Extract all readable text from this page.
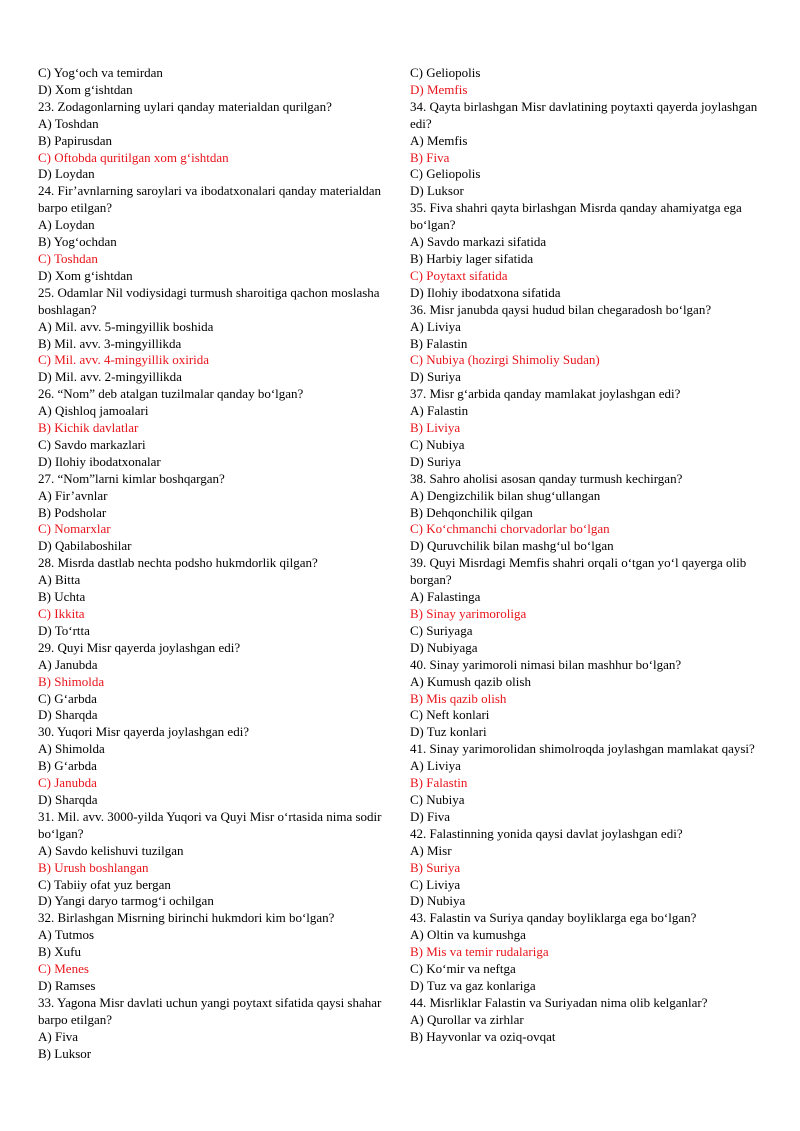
C) Yog‘och va temirdan
D) Xom g‘ishtdan
23. Zodagonlarning uylari qanday materialdan qurilgan?
A) Toshdan
B) Papirusdan
C) Oftobda quritilgan xom g‘ishtdan
D) Loydan
24. Fir’avnlarning saroylari va ibodatxonalari qanday materialdan barpo etilgan?
A) Loydan
B) Yog‘ochdan
C) Toshdan
D) Xom g‘ishtdan
25. Odamlar Nil vodiysidagi turmush sharoitiga qachon moslasha boshlagan?
A) Mil. avv. 5-mingyillik boshida
B) Mil. avv. 3-mingyillikda
C) Mil. avv. 4-mingyillik oxirida
D) Mil. avv. 2-mingyillikda
26. “Nom” deb atalgan tuzilmalar qanday bo‘lgan?
A) Qishloq jamoalari
B) Kichik davlatlar
C) Savdo markazlari
D) Ilohiy ibodatxonalar
27. “Nom”larni kimlar boshqargan?
A) Fir’avnlar
B) Podsholar
C) Nomarxlar
D) Qabilaboshilar
28. Misrda dastlab nechta podsho hukmdorlik qilgan?
A) Bitta
B) Uchta
C) Ikkita
D) To‘rtta
29. Quyi Misr qayerda joylashgan edi?
A) Janubda
B) Shimolda
C) G‘arbda
D) Sharqda
30. Yuqori Misr qayerda joylashgan edi?
A) Shimolda
B) G‘arbda
C) Janubda
D) Sharqda
31. Mil. avv. 3000-yilda Yuqori va Quyi Misr o‘rtasida nima sodir bo‘lgan?
A) Savdo kelishuvi tuzilgan
B) Urush boshlangan
C) Tabiiy ofat yuz bergan
D) Yangi daryo tarmog‘i ochilgan
32. Birlashgan Misrning birinchi hukmdori kim bo‘lgan?
A) Tutmos
B) Xufu
C) Menes
D) Ramses
33. Yagona Misr davlati uchun yangi poytaxt sifatida qaysi shahar barpo etilgan?
A) Fiva
B) Luksor
C) Geliopolis
D) Memfis
34. Qayta birlashgan Misr davlatining poytaxti qayerda joylashgan edi?
A) Memfis
B) Fiva
C) Geliopolis
D) Luksor
35. Fiva shahri qayta birlashgan Misrda qanday ahamiyatga ega bo‘lgan?
A) Savdo markazi sifatida
B) Harbiy lager sifatida
C) Poytaxt sifatida
D) Ilohiy ibodatxona sifatida
36. Misr janubda qaysi hudud bilan chegaradosh bo‘lgan?
A) Liviya
B) Falastin
C) Nubiya (hozirgi Shimoliy Sudan)
D) Suriya
37. Misr g‘arbida qanday mamlakat joylashgan edi?
A) Falastin
B) Liviya
C) Nubiya
D) Suriya
38. Sahro aholisi asosan qanday turmush kechirgan?
A) Dengizchilik bilan shug‘ullangan
B) Dehqonchilik qilgan
C) Ko‘chmanchi chorvadorlar bo‘lgan
D) Quruvchilik bilan mashg‘ul bo‘lgan
39. Quyi Misrdagi Memfis shahri orqali o‘tgan yo‘l qayerga olib borgan?
A) Falastinga
B) Sinay yarimoroliga
C) Suriyaga
D) Nubiyaga
40. Sinay yarimoroli nimasi bilan mashhur bo‘lgan?
A) Kumush qazib olish
B) Mis qazib olish
C) Neft konlari
D) Tuz konlari
41. Sinay yarimorolidan shimolroqda joylashgan mamlakat qaysi?
A) Liviya
B) Falastin
C) Nubiya
D) Fiva
42. Falastinning yonida qaysi davlat joylashgan edi?
A) Misr
B) Suriya
C) Liviya
D) Nubiya
43. Falastin va Suriya qanday boyliklarga ega bo‘lgan?
A) Oltin va kumushga
B) Mis va temir rudalariga
C) Ko‘mir va neftga
D) Tuz va gaz konlariga
44. Misrliklar Falastin va Suriyadan nima olib kelganlar?
A) Qurollar va zirhlar
B) Hayvonlar va oziq-ovqat
